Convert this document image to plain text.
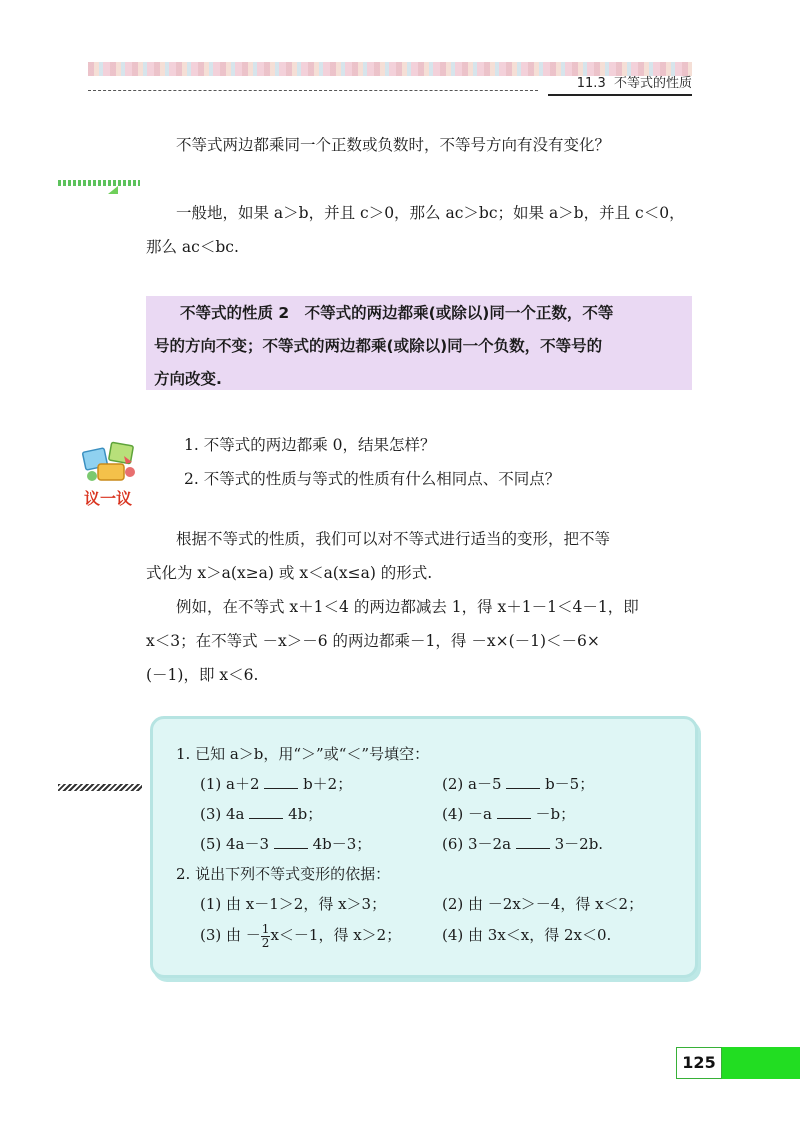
11.3 不等式的性质
不等式两边都乘同一个正数或负数时，不等号方向有没有变化？
一般地，如果 a＞b，并且 c＞0，那么 ac＞bc；如果 a＞b，并且 c＜0，
那么 ac＜bc.
不等式的性质 2　不等式的两边都乘(或除以)同一个正数，不等
号的方向不变；不等式的两边都乘(或除以)同一个负数，不等号的
方向改变.
议一议
1. 不等式的两边都乘 0，结果怎样？
2. 不等式的性质与等式的性质有什么相同点、不同点？
根据不等式的性质，我们可以对不等式进行适当的变形，把不等
式化为 x＞a(x≥a) 或 x＜a(x≤a) 的形式.
例如，在不等式 x＋1＜4 的两边都减去 1，得 x＋1－1＜4－1，即
x＜3；在不等式 －x＞－6 的两边都乘－1，得 －x×(－1)＜－6×
(－1)，即 x＜6.
1. 已知 a＞b，用“＞”或“＜”号填空：
(1) a＋2	b＋2；	(2) a－5	b－5；
(3) 4a	4b；	(4) －a	－b；
(5) 4a－3	4b－3；	(6) 3－2a	3－2b.
2. 说出下列不等式变形的依据：
(1) 由 x－1＞2，得 x＞3；	(2) 由 －2x＞－4，得 x＜2；
(3) 由 － $\frac{1}{2} x<-1$，得 x＞2；	(4) 由 3x＜x，得 2x＜0.
125
